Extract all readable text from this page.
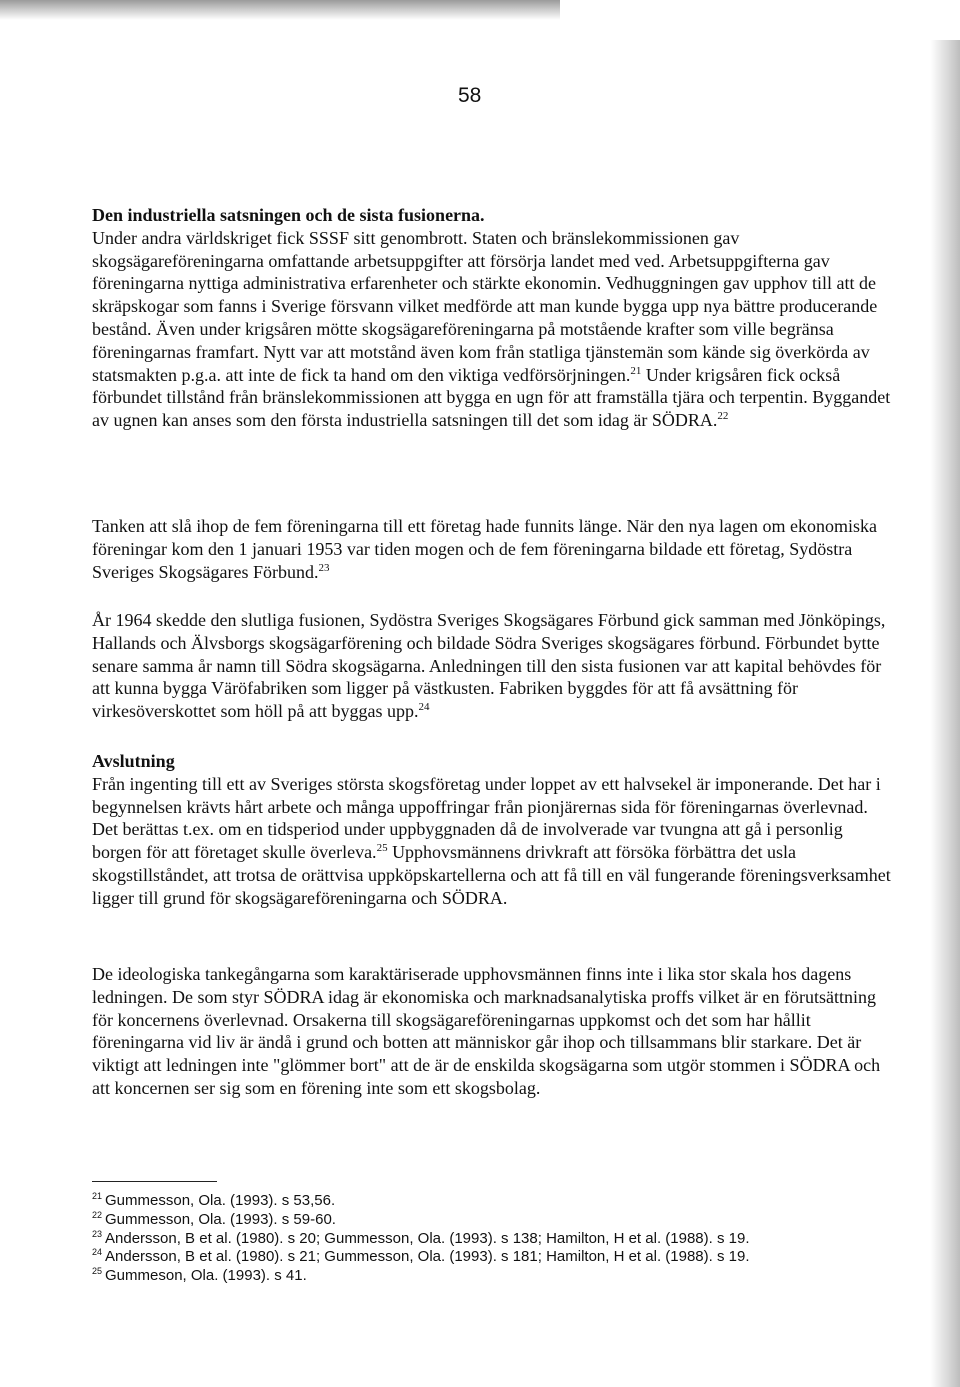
58
Den industriella satsningen och de sista fusionerna.
Under andra världskriget fick SSSF sitt genombrott. Staten och bränslekommissionen gav skogsägareföreningarna omfattande arbetsuppgifter att försörja landet med ved. Arbetsuppgifterna gav föreningarna nyttiga administrativa erfarenheter och stärkte ekonomin. Vedhuggningen gav upphov till att de skräpskogar som fanns i Sverige försvann vilket medförde att man kunde bygga upp nya bättre producerande bestånd. Även under krigsåren mötte skogsägareföreningarna på motstående krafter som ville begränsa föreningarnas framfart. Nytt var att motstånd även kom från statliga tjänstemän som kände sig överkörda av statsmakten p.g.a. att inte de fick ta hand om den viktiga vedförsörjningen.$^{21}$ Under krigsåren fick också förbundet tillstånd från bränslekommissionen att bygga en ugn för att framställa tjära och terpentin. Byggandet av ugnen kan anses som den första industriella satsningen till det som idag är SÖDRA.$^{22}$
Tanken att slå ihop de fem föreningarna till ett företag hade funnits länge. När den nya lagen om ekonomiska föreningar kom den 1 januari 1953 var tiden mogen och de fem föreningarna bildade ett företag, Sydöstra Sveriges Skogsägares Förbund.$^{23}$
År 1964 skedde den slutliga fusionen, Sydöstra Sveriges Skogsägares Förbund gick samman med Jönköpings, Hallands och Älvsborgs skogsägarförening och bildade Södra Sveriges skogsägares förbund. Förbundet bytte senare samma år namn till Södra skogsägarna. Anledningen till den sista fusionen var att kapital behövdes för att kunna bygga Väröfabriken som ligger på västkusten. Fabriken byggdes för att få avsättning för virkesöverskottet som höll på att byggas upp.$^{24}$
Avslutning
Från ingenting till ett av Sveriges största skogsföretag under loppet av ett halvsekel är imponerande. Det har i begynnelsen krävts hårt arbete och många uppoffringar från pionjärernas sida för föreningarnas överlevnad. Det berättas t.ex. om en tidsperiod under uppbyggnaden då de involverade var tvungna att gå i personlig borgen för att företaget skulle överleva.$^{25}$ Upphovsmännens drivkraft att försöka förbättra det usla skogstillståndet, att trotsa de orättvisa uppköpskartellerna och att få till en väl fungerande föreningsverksamhet ligger till grund för skogsägareföreningarna och SÖDRA.
De ideologiska tankegångarna som karaktäriserade upphovsmännen finns inte i lika stor skala hos dagens ledningen. De som styr SÖDRA idag är ekonomiska och marknadsanalytiska proffs vilket är en förutsättning för koncernens överlevnad. Orsakerna till skogsägareföreningarnas uppkomst och det som har hållit föreningarna vid liv är ändå i grund och botten att människor går ihop och tillsammans blir starkare. Det är viktigt att ledningen inte "glömmer bort" att de är de enskilda skogsägarna som utgör stommen i SÖDRA och att koncernen ser sig som en förening inte som ett skogsbolag.
$^{21}$ Gummesson, Ola. (1993). s 53,56.
$^{22}$ Gummesson, Ola. (1993). s 59-60.
$^{23}$ Andersson, B et al. (1980). s 20; Gummesson, Ola. (1993). s 138; Hamilton, H et al. (1988). s 19.
$^{24}$ Andersson, B et al. (1980). s 21; Gummesson, Ola. (1993). s 181; Hamilton, H et al. (1988). s 19.
$^{25}$ Gummeson, Ola. (1993). s 41.
